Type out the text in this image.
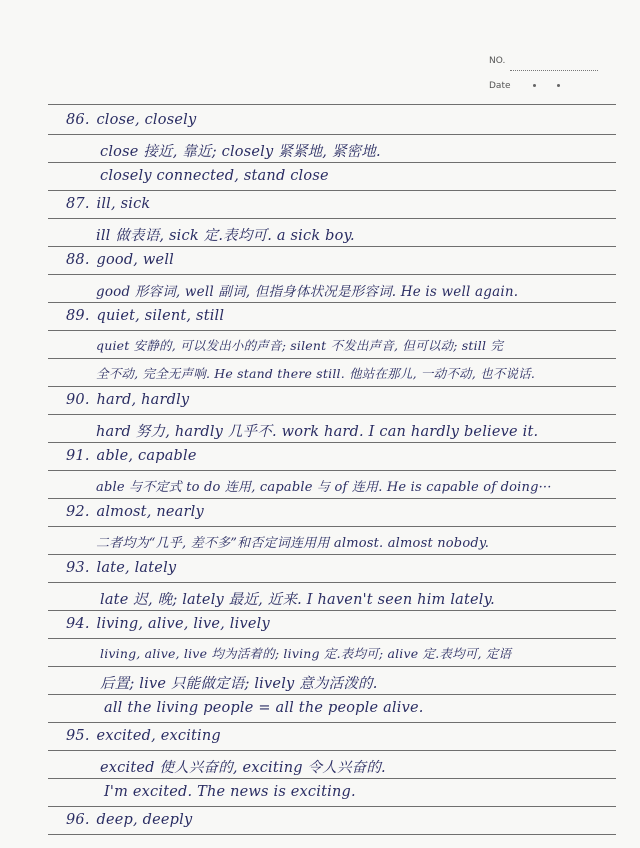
NO.
Date
86. close, closely
close 接近, 靠近; closely 紧紧地, 紧密地.
closely connected, stand close
87. ill, sick
ill 做表语, sick 定.表均可. a sick boy.
88. good, well
good 形容词, well 副词, 但指身体状况是形容词. He is well again.
89. quiet, silent, still
quiet 安静的, 可以发出小的声音; silent 不发出声音, 但可以动; still 完
全不动, 完全无声响. He stand there still. 他站在那儿, 一动不动, 也不说话.
90. hard, hardly
hard 努力, hardly 几乎不. work hard. I can hardly believe it.
91. able, capable
able 与不定式 to do 连用, capable 与 of 连用. He is capable of doing···
92. almost, nearly
二者均为“几乎, 差不多”和否定词连用用 almost. almost nobody.
93. late, lately
late 迟, 晚; lately 最近, 近来. I haven't seen him lately.
94. living, alive, live, lively
living, alive, live 均为活着的; living 定.表均可; alive 定.表均可, 定语
后置; live 只能做定语; lively 意为活泼的.
all the living people = all the people alive.
95. excited, exciting
excited 使人兴奋的, exciting 令人兴奋的.
I'm excited. The news is exciting.
96. deep, deeply
